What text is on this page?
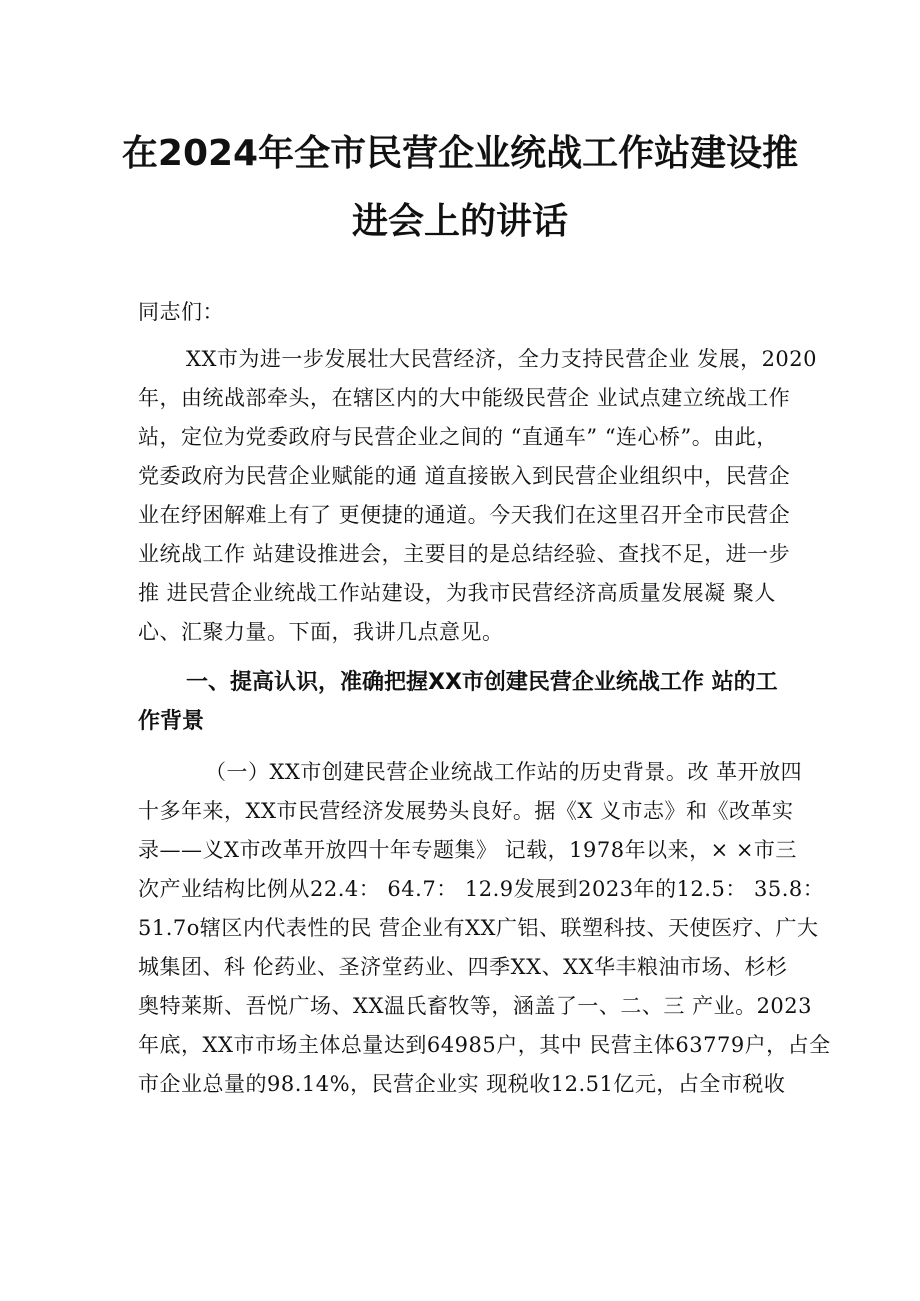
在2024年全市民营企业统战工作站建设推
进会上的讲话
同志们：
XX市为进一步发展壮大民营经济，全力支持民营企业 发展，2020
年，由统战部牵头，在辖区内的大中能级民营企 业试点建立统战工作
站，定位为党委政府与民营企业之间的 “直通车” “连心桥”。由此，
党委政府为民营企业赋能的通 道直接嵌入到民营企业组织中，民营企
业在纾困解难上有了 更便捷的通道。今天我们在这里召开全市民营企
业统战工作 站建设推进会，主要目的是总结经验、查找不足，进一步
推 进民营企业统战工作站建设，为我市民营经济高质量发展凝 聚人
心、汇聚力量。下面，我讲几点意见。
一、提高认识，准确把握XX市创建民营企业统战工作 站的工
作背景
（一）XX市创建民营企业统战工作站的历史背景。改 革开放四
十多年来，XX市民营经济发展势头良好。据《X 义市志》和《改革实
录——义X市改革开放四十年专题集》 记载，1978年以来，× ×市三
次产业结构比例从22.4： 64.7： 12.9发展到2023年的12.5： 35.8：
51.7o辖区内代表性的民 营企业有XX广铝、联塑科技、天使医疗、广大
城集团、科 伦药业、圣济堂药业、四季XX、XX华丰粮油市场、杉杉
奥特莱斯、吾悦广场、XX温氏畜牧等，涵盖了一、二、三 产业。2023
年底，XX市市场主体总量达到64985户，其中 民营主体63779户，占全
市企业总量的98.14%，民营企业实 现税收12.51亿元，占全市税收
